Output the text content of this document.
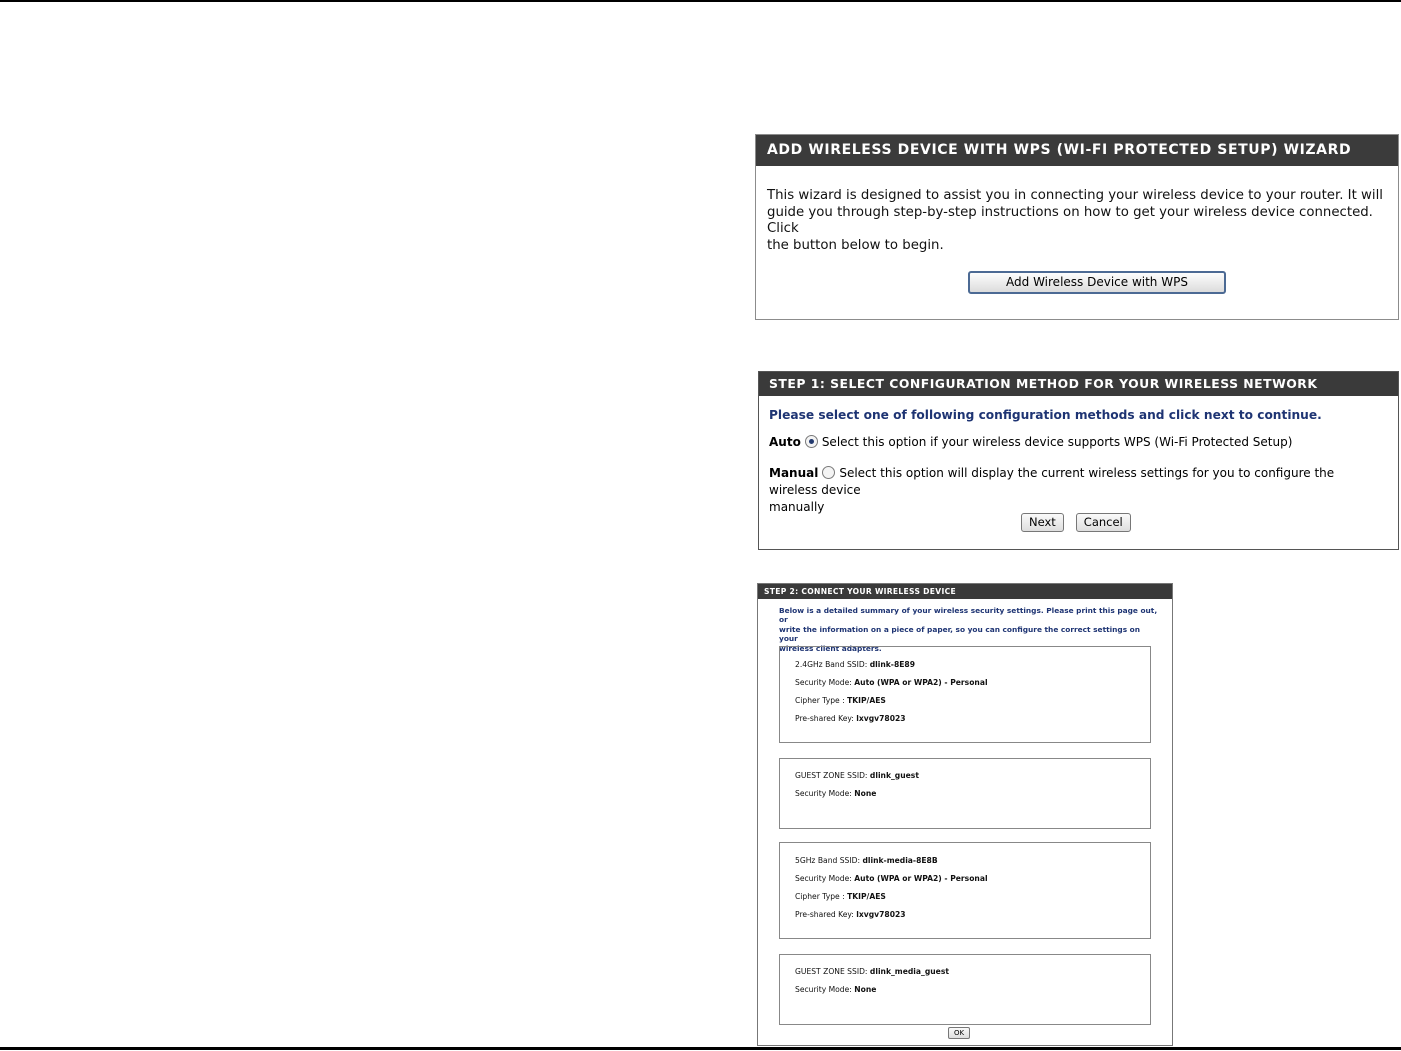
ADD WIRELESS DEVICE WITH WPS (WI-FI PROTECTED SETUP) WIZARD
This wizard is designed to assist you in connecting your wireless device to your router. It will
guide you through step-by-step instructions on how to get your wireless device connected. Click
the button below to begin.
Add Wireless Device with WPS
STEP 1: SELECT CONFIGURATION METHOD FOR YOUR WIRELESS NETWORK
Please select one of following configuration methods and click next to continue.
Auto Select this option if your wireless device supports WPS (Wi-Fi Protected Setup)
Manual Select this option will display the current wireless settings for you to configure the wireless device
manually
Next Cancel
STEP 2: CONNECT YOUR WIRELESS DEVICE
Below is a detailed summary of your wireless security settings. Please print this page out, or
write the information on a piece of paper, so you can configure the correct settings on your
wireless client adapters.
2.4GHz Band SSID: dlink-8E89
Security Mode: Auto (WPA or WPA2) - Personal
Cipher Type : TKIP/AES
Pre-shared Key: lxvgv78023
GUEST ZONE SSID: dlink_guest
Security Mode: None
5GHz Band SSID: dlink-media-8E8B
Security Mode: Auto (WPA or WPA2) - Personal
Cipher Type : TKIP/AES
Pre-shared Key: lxvgv78023
GUEST ZONE SSID: dlink_media_guest
Security Mode: None
OK
